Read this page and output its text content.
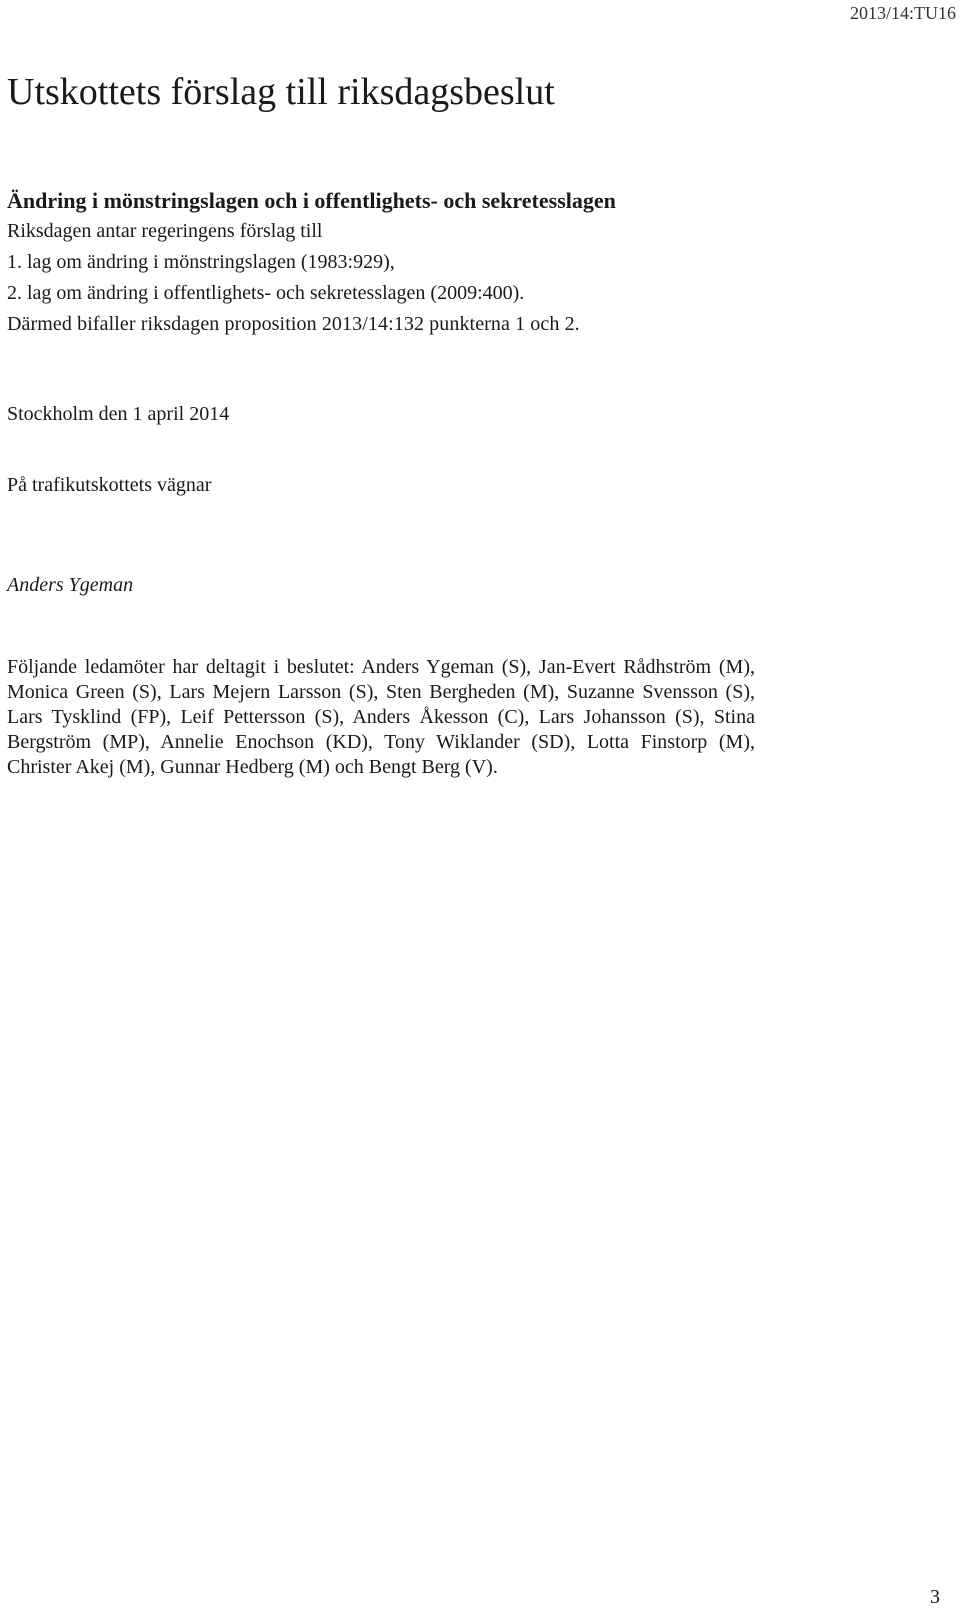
2013/14:TU16
Utskottets förslag till riksdagsbeslut
Ändring i mönstringslagen och i offentlighets- och sekretesslagen
Riksdagen antar regeringens förslag till
1. lag om ändring i mönstringslagen (1983:929),
2. lag om ändring i offentlighets- och sekretesslagen (2009:400).
Därmed bifaller riksdagen proposition 2013/14:132 punkterna 1 och 2.
Stockholm den 1 april 2014
På trafikutskottets vägnar
Anders Ygeman

Följande ledamöter har deltagit i beslutet: Anders Ygeman (S), Jan-Evert Rådhström (M), Monica Green (S), Lars Mejern Larsson (S), Sten Bergheden (M), Suzanne Svensson (S), Lars Tysklind (FP), Leif Pettersson (S), Anders Åkesson (C), Lars Johansson (S), Stina Bergström (MP), Annelie Enochson (KD), Tony Wiklander (SD), Lotta Finstorp (M), Christer Akej (M), Gunnar Hedberg (M) och Bengt Berg (V).

3
